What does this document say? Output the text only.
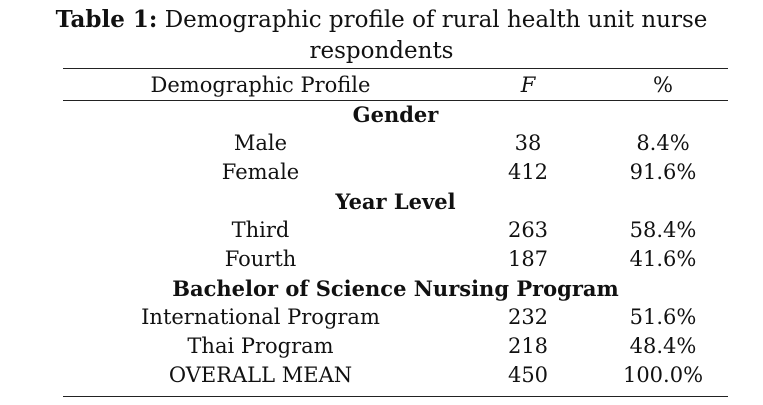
Table 1: Demographic profile of rural health unit nurse respondents
Demographic Profile	F	%
Gender		
Male	38	8.4%
Female	412	91.6%
Year Level		
Third	263	58.4%
Fourth	187	41.6%
Bachelor of Science Nursing Program		
International Program	232	51.6%
Thai Program	218	48.4%
OVERALL MEAN	450	100.0%
